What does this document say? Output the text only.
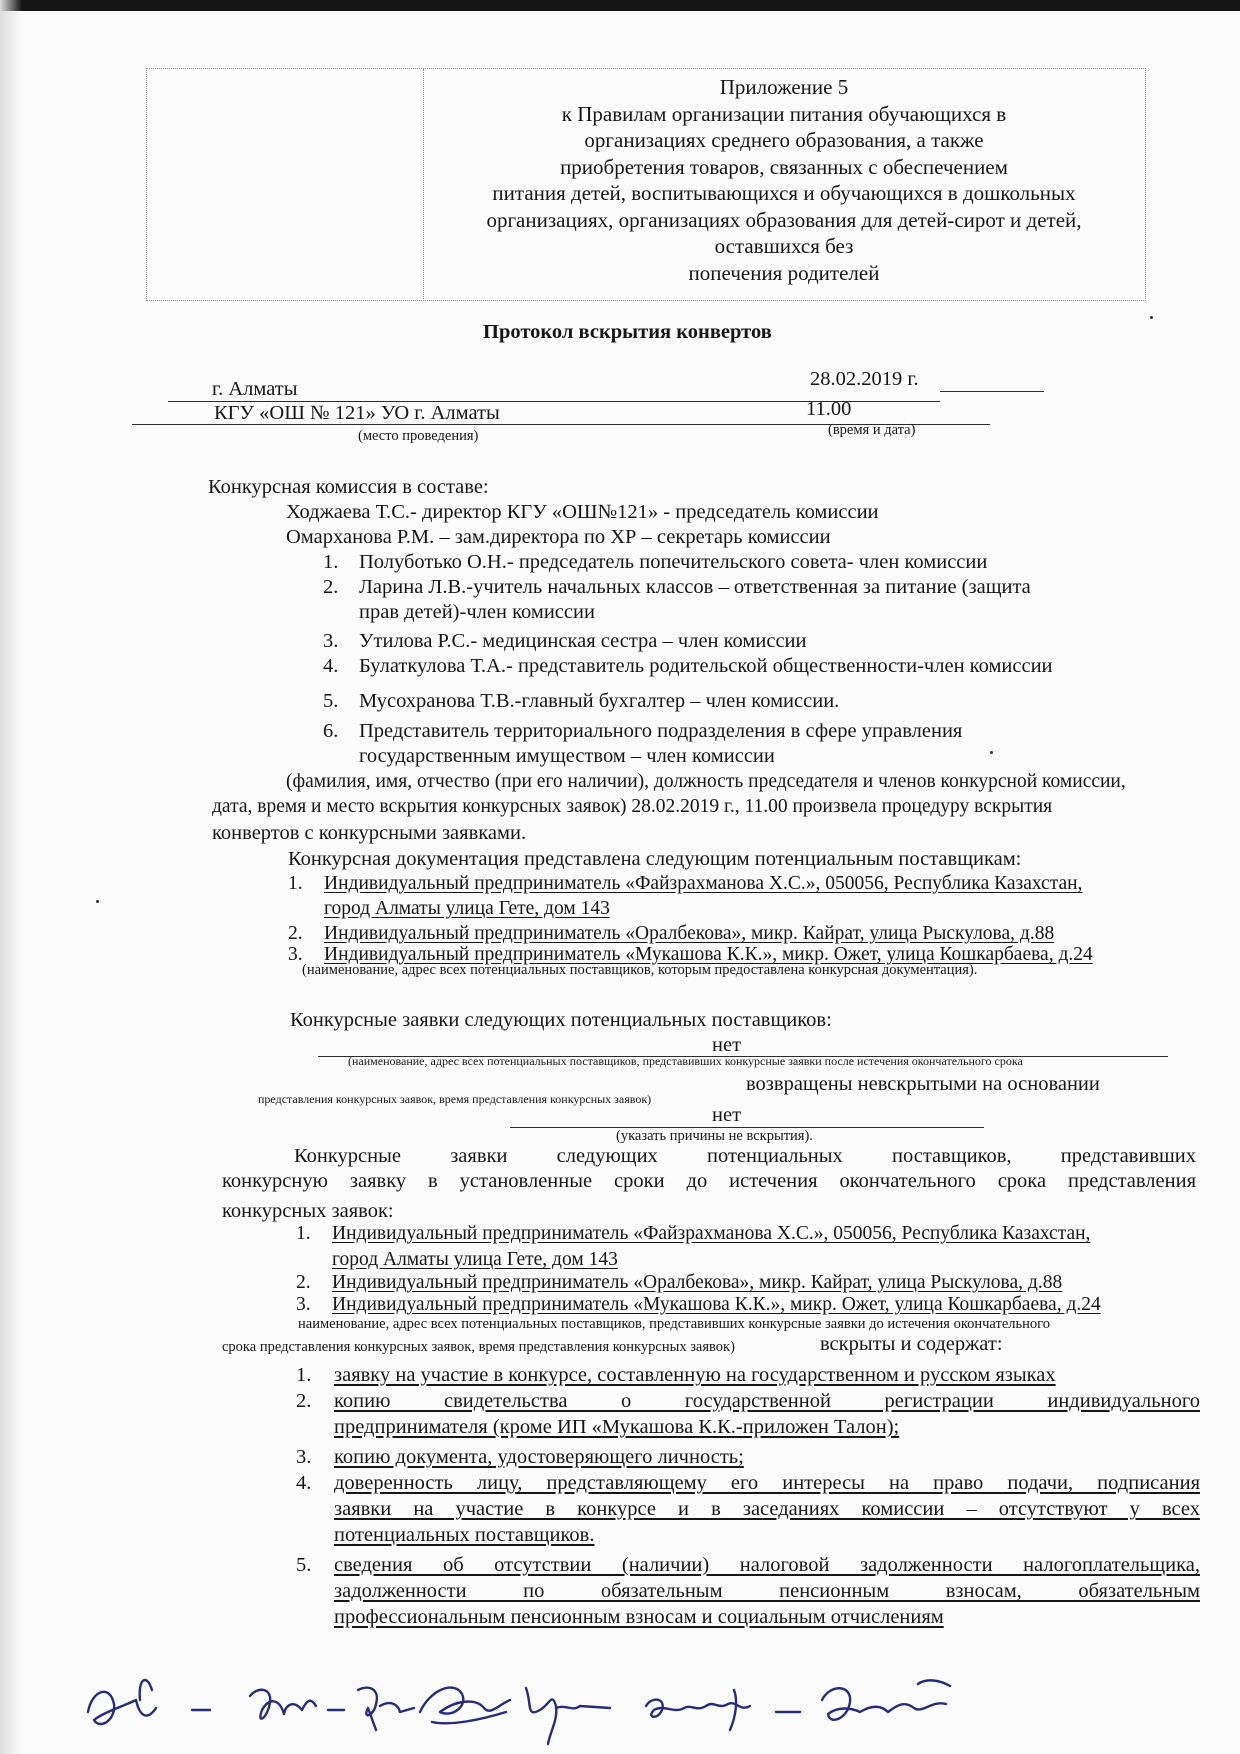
Приложение 5
к Правилам организации питания обучающихся в
организациях среднего образования, а также
приобретения товаров, связанных с обеспечением
питания детей, воспитывающихся и обучающихся в дошкольных
организациях, организациях образования для детей-сирот и детей,
оставшихся без
попечения родителей

Протокол вскрытия конвертов

г. Алматы	28.02.2019 г.

КГУ «ОШ № 121» УО г. Алматы	11.00

(место проведения)	(время и дата)

Конкурсная комиссия в составе:

Ходжаева Т.С.- директор КГУ «ОШ№121» - председатель комиссии

Омарханова Р.М. – зам.директора по ХР – секретарь комиссии

1. Полуботько О.Н.- председатель попечительского совета- член комиссии

2. Ларина Л.В.-учитель начальных классов – ответственная за питание (защита

прав детей)-член комиссии

3. Утилова Р.С.- медицинская сестра – член комиссии

4. Булаткулова Т.А.- представитель родительской общественности-член комиссии

5. Мусохранова Т.В.-главный бухгалтер – член комиссии.

6. Представитель территориального подразделения в сфере управления

государственным имуществом – член комиссии

(фамилия, имя, отчество (при его наличии), должность председателя и членов конкурсной комиссии,

дата, время и место вскрытия конкурсных заявок) 28.02.2019 г., 11.00 произвела процедуру вскрытия

конвертов с конкурсными заявками.

Конкурсная документация представлена следующим потенциальным поставщикам:

1. Индивидуальный предприниматель «Файзрахманова Х.С.», 050056, Республика Казахстан,

город Алматы улица Гете, дом 143

2. Индивидуальный предприниматель «Оралбекова», микр. Кайрат, улица Рыскулова, д.88

3. Индивидуальный предприниматель «Мукашова К.К.», микр. Ожет, улица Кошкарбаева, д.24

(наименование, адрес всех потенциальных поставщиков, которым предоставлена конкурсная документация).

Конкурсные заявки следующих потенциальных поставщиков:

нет

(наименование, адрес всех потенциальных поставщиков, представивших конкурсные заявки после истечения окончательного срока

представления конкурсных заявок, время представления конкурсных заявок)

возвращены невскрытыми на основании

нет

(указать причины не вскрытия).

Конкурсные заявки следующих потенциальных поставщиков, представивших

конкурсную заявку в установленные сроки до истечения окончательного срока представления

конкурсных заявок:

1. Индивидуальный предприниматель «Файзрахманова Х.С.», 050056, Республика Казахстан,

город Алматы улица Гете, дом 143

2. Индивидуальный предприниматель «Оралбекова», микр. Кайрат, улица Рыскулова, д.88

3. Индивидуальный предприниматель «Мукашова К.К.», микр. Ожет, улица Кошкарбаева, д.24

наименование, адрес всех потенциальных поставщиков, представивших конкурсные заявки до истечения окончательного

срока представления конкурсных заявок, время представления конкурсных заявок)	вскрыты и содержат:

1. заявку на участие в конкурсе, составленную на государственном и русском языках

2. копию свидетельства о государственной регистрации индивидуального

предпринимателя (кроме ИП «Мукашова К.К.-приложен Талон);

3. копию документа, удостоверяющего личность;

4. доверенность лицу, представляющему его интересы на право подачи, подписания

заявки на участие в конкурсе и в заседаниях комиссии – отсутствуют у всех

потенциальных поставщиков.

5. сведения об отсутствии (наличии) налоговой задолженности налогоплательщика,

задолженности по обязательным пенсионным взносам, обязательным

профессиональным пенсионным взносам и социальным отчислениям
